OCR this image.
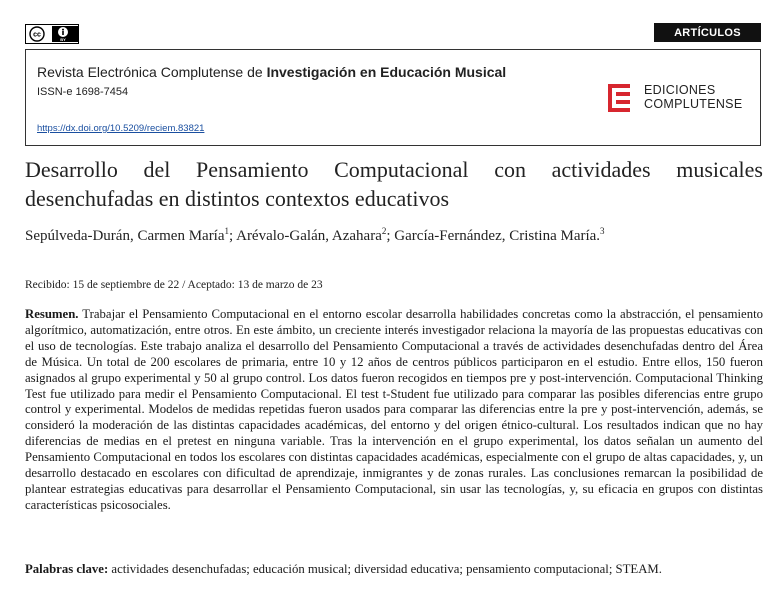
cc
BY
ARTÍCULOS
Revista Electrónica Complutense de Investigación en Educación Musical
ISSN-e 1698-7454
https://dx.doi.org/10.5209/reciem.83821
EDICIONES
COMPLUTENSE
Desarrollo del Pensamiento Computacional con actividades musicales desenchufadas en distintos contextos educativos
Sepúlveda-Durán, Carmen María$^1$; Arévalo-Galán, Azahara$^2$; García-Fernández, Cristina María.$^3$
Recibido: 15 de septiembre de 22 / Aceptado: 13 de marzo de 23
Resumen. Trabajar el Pensamiento Computacional en el entorno escolar desarrolla habilidades concretas como la abstracción, el pensamiento algorítmico, automatización, entre otros. En este ámbito, un creciente interés investigador relaciona la mayoría de las propuestas educativas con el uso de tecnologías. Este trabajo analiza el desarrollo del Pensamiento Computacional a través de actividades desenchufadas dentro del Área de Música. Un total de 200 escolares de primaria, entre 10 y 12 años de centros públicos participaron en el estudio. Entre ellos, 150 fueron asignados al grupo experimental y 50 al grupo control. Los datos fueron recogidos en tiempos pre y post-intervención. Computacional Thinking Test fue utilizado para medir el Pensamiento Computacional. El test t-Student fue utilizado para comparar las posibles diferencias entre grupo control y experimental. Modelos de medidas repetidas fueron usados para comparar las diferencias entre la pre y post-intervención, además, se consideró la moderación de las distintas capacidades académicas, del entorno y del origen étnico-cultural. Los resultados indican que no hay diferencias de medias en el pretest en ninguna variable. Tras la intervención en el grupo experimental, los datos señalan un aumento del Pensamiento Computacional en todos los escolares con distintas capacidades académicas, especialmente con el grupo de altas capacidades, y, un desarrollo destacado en escolares con dificultad de aprendizaje, inmigrantes y de zonas rurales. Las conclusiones remarcan la posibilidad de plantear estrategias educativas para desarrollar el Pensamiento Computacional, sin usar las tecnologías, y, su eficacia en grupos con distintas características psicosociales.
Palabras clave: actividades desenchufadas; educación musical; diversidad educativa; pensamiento computacional; STEAM.
